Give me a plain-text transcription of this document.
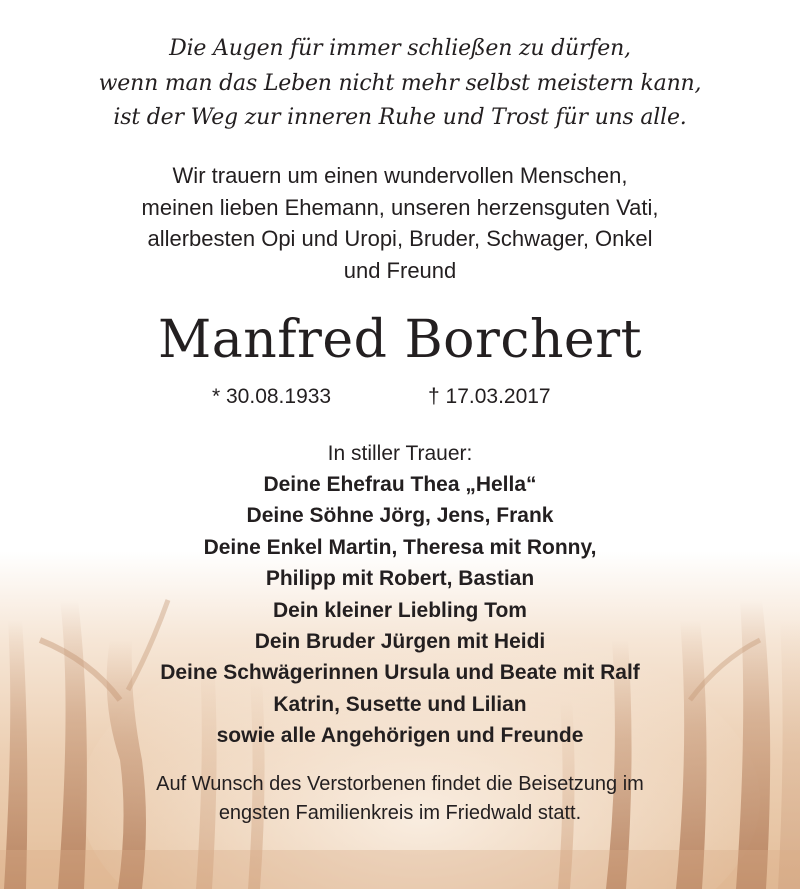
Die Augen für immer schließen zu dürfen,
wenn man das Leben nicht mehr selbst meistern kann,
ist der Weg zur inneren Ruhe und Trost für uns alle.
Wir trauern um einen wundervollen Menschen,
meinen lieben Ehemann, unseren herzensguten Vati,
allerbesten Opi und Uropi, Bruder, Schwager, Onkel
und Freund
Manfred Borchert
* 30.08.1933	† 17.03.2017
In stiller Trauer:
Deine Ehefrau Thea „Hella“
Deine Söhne Jörg, Jens, Frank
Deine Enkel Martin, Theresa mit Ronny,
Philipp mit Robert, Bastian
Dein kleiner Liebling Tom
Dein Bruder Jürgen mit Heidi
Deine Schwägerinnen Ursula und Beate mit Ralf
Katrin, Susette und Lilian
sowie alle Angehörigen und Freunde
Auf Wunsch des Verstorbenen findet die Beisetzung im
engsten Familienkreis im Friedwald statt.
